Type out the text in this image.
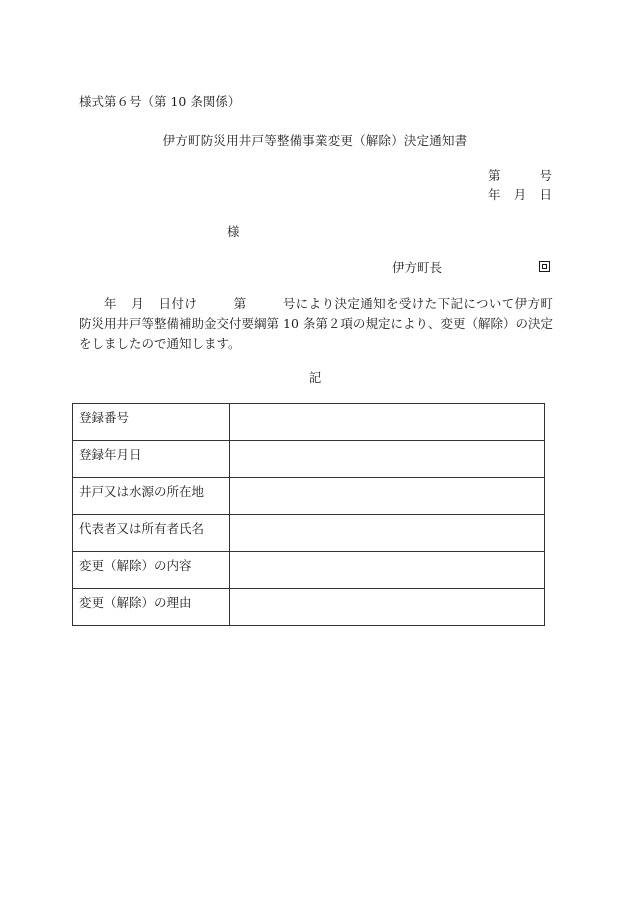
様式第６号（第 10 条関係）
伊方町防災用井戸等整備事業変更（解除）決定通知書
第	号
年 月 日
様
伊方町長
年 月 日付け	第	号により決定通知を受けた下記について伊方町防災用井戸等整備補助金交付要綱第 10 条第２項の規定により、変更（解除）の決定をしましたので通知します。
記
登録番号	
登録年月日	
井戸又は水源の所在地	
代表者又は所有者氏名	
変更（解除）の内容	
変更（解除）の理由	
